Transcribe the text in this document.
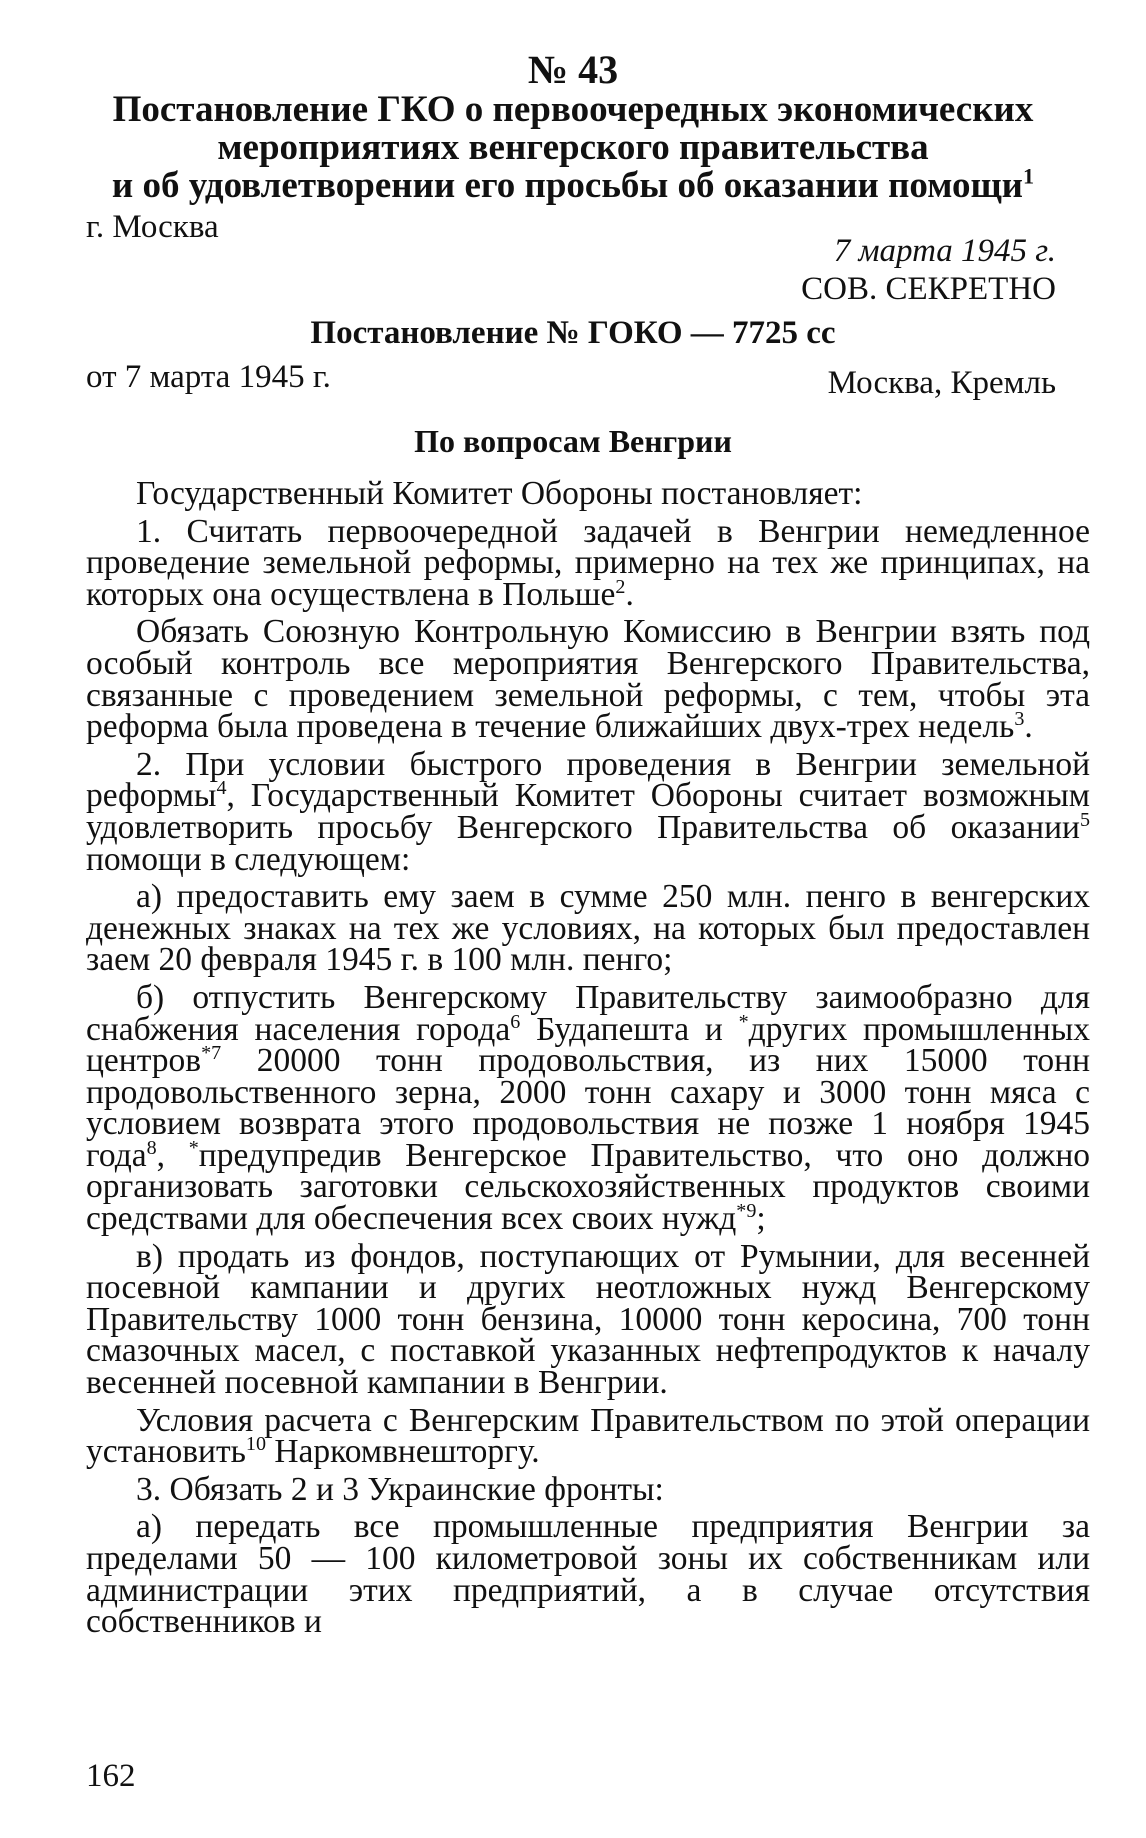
№ 43
Постановление ГКО о первоочередных экономических
мероприятиях венгерского правительства
и об удовлетворении его просьбы об оказании помощи$^1$
г. Москва
7 марта 1945 г.
СОВ. СЕКРЕТНО
Постановление № ГОКО — 7725 сс
от 7 марта 1945 г.	Москва, Кремль
По вопросам Венгрии

Государственный Комитет Обороны постановляет:

1. Считать первоочередной задачей в Венгрии немедленное проведение земельной реформы, примерно на тех же принципах, на которых она осуществлена в Польше$^2$.

Обязать Союзную Контрольную Комиссию в Венгрии взять под особый контроль все мероприятия Венгерского Правительства, связанные с проведением земельной реформы, с тем, чтобы эта реформа была проведена в течение ближайших двух-трех недель$^3$.

2. При условии быстрого проведения в Венгрии земельной реформы$^4$, Государственный Комитет Обороны считает возможным удовлетворить просьбу Венгерского Правительства об оказании$^5$ помощи в следующем:

а) предоставить ему заем в сумме 250 млн. пенго в венгерских денежных знаках на тех же условиях, на которых был предоставлен заем 20 февраля 1945 г. в 100 млн. пенго;

б) отпустить Венгерскому Правительству заимообразно для снабжения населения города$^6$ Будапешта и *других промышленных центров$^{*7}$ 20000 тонн продовольствия, из них 15000 тонн продовольственного зерна, 2000 тонн сахару и 3000 тонн мяса с условием возврата этого продовольствия не позже 1 ноября 1945 года$^8$, *предупредив Венгерское Правительство, что оно должно организовать заготовки сельскохозяйственных продуктов своими средствами для обеспечения всех своих нужд$^{*9}$;

в) продать из фондов, поступающих от Румынии, для весенней посевной кампании и других неотложных нужд Венгерскому Правительству 1000 тонн бензина, 10000 тонн керосина, 700 тонн смазочных масел, с поставкой указанных нефтепродуктов к началу весенней посевной кампании в Венгрии.

Условия расчета с Венгерским Правительством по этой операции установить$^{10}$ Наркомвнешторгу.

3. Обязать 2 и 3 Украинские фронты:

а) передать все промышленные предприятия Венгрии за пределами 50 — 100 километровой зоны их собственникам или администрации этих предприятий, а в случае отсутствия собственников и

162
